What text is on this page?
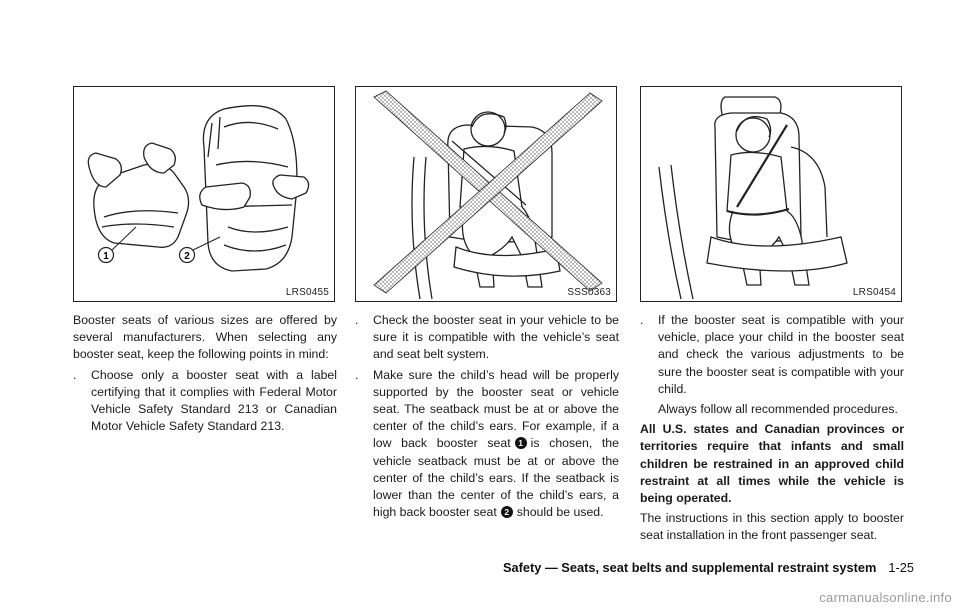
1	2
LRS0455

Booster seats of various sizes are offered by several manufacturers. When selecting any booster seat, keep the following points in mind:

. Choose only a booster seat with a label certifying that it complies with Federal Motor Vehicle Safety Standard 213 or Canadian Motor Vehicle Safety Standard 213.
SSS0363
. Check the booster seat in your vehicle to be sure it is compatible with the vehicle’s seat and seat belt system.
. Make sure the child’s head will be properly supported by the booster seat or vehicle seat. The seatback must be at or above the center of the child’s ears. For example, if a low back booster seat 1 is chosen, the vehicle seatback must be at or above the center of the child’s ears. If the seatback is lower than the center of the child’s ears, a high back booster seat 2 should be used.
LRS0454
. If the booster seat is compatible with your vehicle, place your child in the booster seat and check the various adjustments to be sure the booster seat is compatible with your child.

Always follow all recommended procedures.

All U.S. states and Canadian provinces or territories require that infants and small children be restrained in an approved child restraint at all times while the vehicle is being operated.

The instructions in this section apply to booster seat installation in the front passenger seat.

Safety — Seats, seat belts and supplemental restraint system 1-25
carmanualsonline.info
